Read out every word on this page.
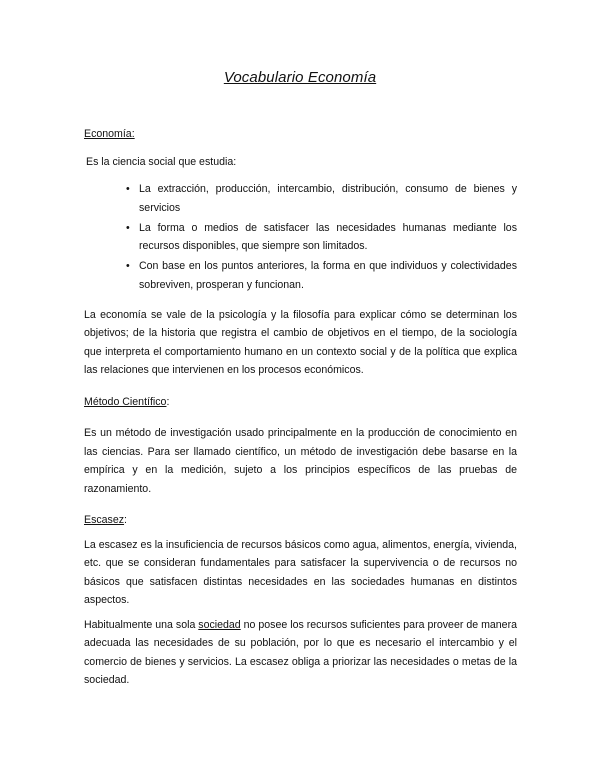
Vocabulario Economía

Economía:

Es la ciencia social que estudia:

• La extracción, producción, intercambio, distribución, consumo de bienes y servicios
• La forma o medios de satisfacer las necesidades humanas mediante los recursos disponibles, que siempre son limitados.
• Con base en los puntos anteriores, la forma en que individuos y colectividades sobreviven, prosperan y funcionan.

La economía se vale de la psicología y la filosofía para explicar cómo se determinan los objetivos; de la historia que registra el cambio de objetivos en el tiempo, de la sociología que interpreta el comportamiento humano en un contexto social y de la política que explica las relaciones que intervienen en los procesos económicos.

Método Científico:

Es un método de investigación usado principalmente en la producción de conocimiento en las ciencias. Para ser llamado científico, un método de investigación debe basarse en la empírica y en la medición, sujeto a los principios específicos de las pruebas de razonamiento.

Escasez:

La escasez es la insuficiencia de recursos básicos como agua, alimentos, energía, vivienda, etc. que se consideran fundamentales para satisfacer la supervivencia o de recursos no básicos que satisfacen distintas necesidades en las sociedades humanas en distintos aspectos.

Habitualmente una sola sociedad no posee los recursos suficientes para proveer de manera adecuada las necesidades de su población, por lo que es necesario el intercambio y el comercio de bienes y servicios. La escasez obliga a priorizar las necesidades o metas de la sociedad.
